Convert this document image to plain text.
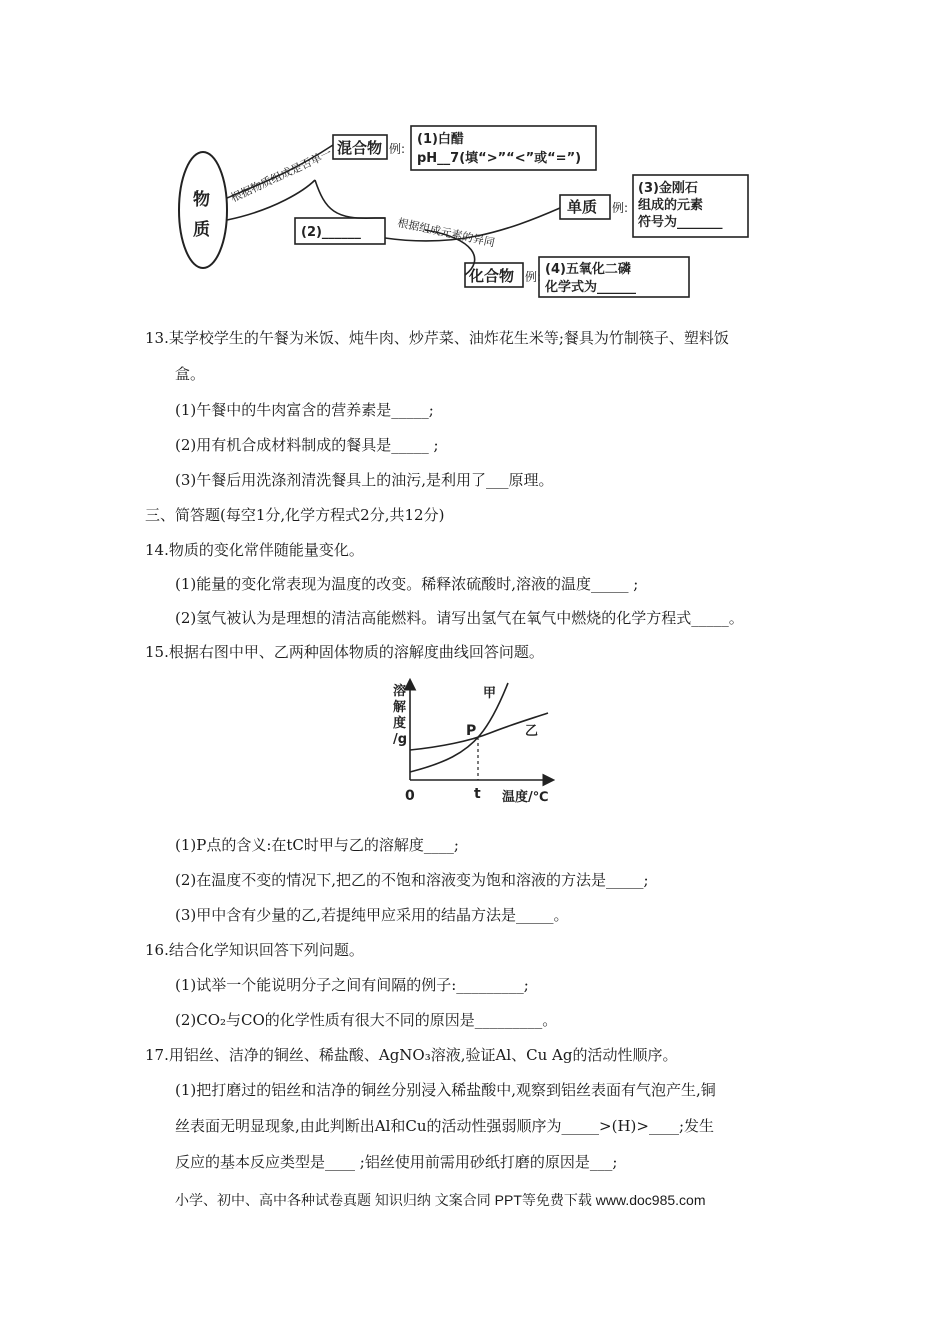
物
质
根据物质组成是否单一
根据组成元素的异同
混合物 例:
(1)白醋
pH__7(填“>”“<”或“=”)
(2)______
单质 例:
(3)金刚石
组成的元素
符号为_______
化合物 例: (4)五氧化二磷
化学式为______
13.某学校学生的午餐为米饭、炖牛肉、炒芹菜、油炸花生米等;餐具为竹制筷子、塑料饭
盒。
(1)午餐中的牛肉富含的营养素是_____;
(2)用有机合成材料制成的餐具是_____ ;
(3)午餐后用洗涤剂清洗餐具上的油污,是利用了___原理。
三、简答题(每空1分,化学方程式2分,共12分)
14.物质的变化常伴随能量变化。
(1)能量的变化常表现为温度的改变。稀释浓硫酸时,溶液的温度_____ ;
(2)氢气被认为是理想的清洁高能燃料。请写出氢气在氧气中燃烧的化学方程式_____。
15.根据右图中甲、乙两种固体物质的溶解度曲线回答问题。
溶
解
度
/g
甲
乙
P
0	t 温度/℃
(1)P点的含义:在tC时甲与乙的溶解度____;
(2)在温度不变的情况下,把乙的不饱和溶液变为饱和溶液的方法是_____;
(3)甲中含有少量的乙,若提纯甲应采用的结晶方法是_____。
16.结合化学知识回答下列问题。
(1)试举一个能说明分子之间有间隔的例子:_________;
(2)CO₂与CO的化学性质有很大不同的原因是_________。
17.用铝丝、洁净的铜丝、稀盐酸、AgNO₃溶液,验证Al、Cu Ag的活动性顺序。
(1)把打磨过的铝丝和洁净的铜丝分别浸入稀盐酸中,观察到铝丝表面有气泡产生,铜
丝表面无明显现象,由此判断出Al和Cu的活动性强弱顺序为_____>(H)>____;发生
反应的基本反应类型是____ ;铝丝使用前需用砂纸打磨的原因是___;
小学、初中、高中各种试卷真题 知识归纳 文案合同 PPT等免费下载 www.doc985.com
